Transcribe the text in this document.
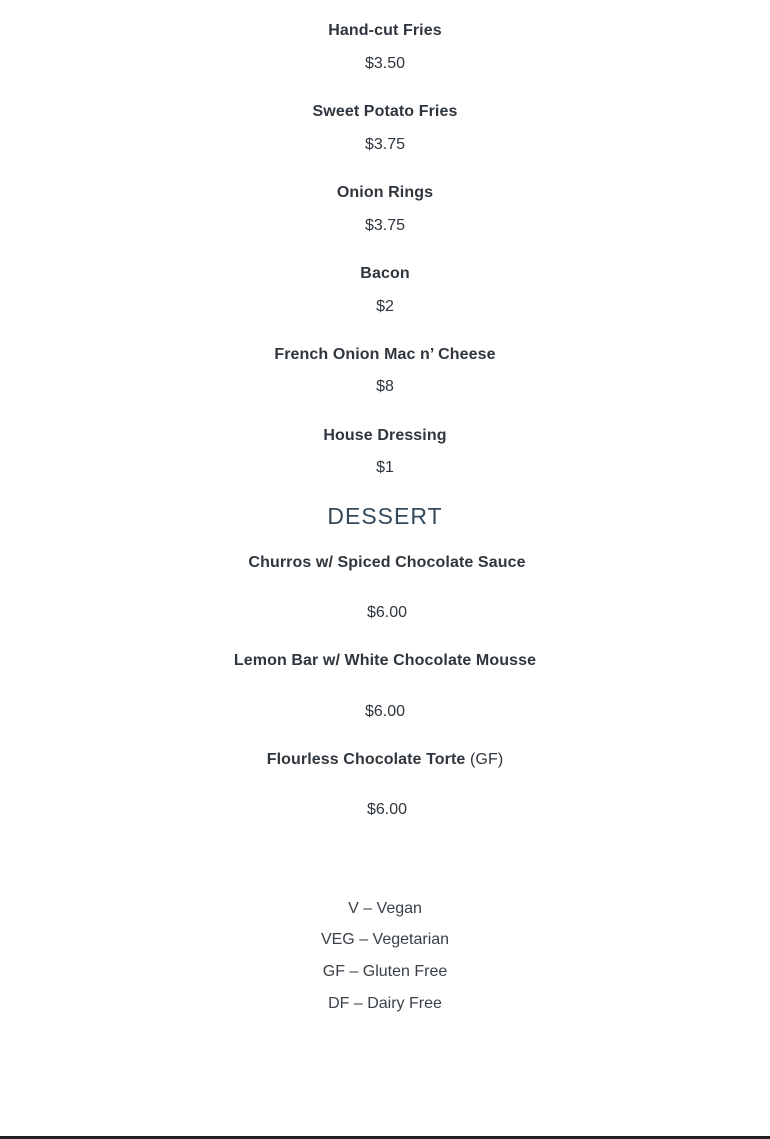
Hand-cut Fries
$3.50
Sweet Potato Fries
$3.75
Onion Rings
$3.75
Bacon
$2
French Onion Mac n’ Cheese
$8
House Dressing
$1
DESSERT
Churros w/ Spiced Chocolate Sauce
$6.00
Lemon Bar w/ White Chocolate Mousse
$6.00
Flourless Chocolate Torte (GF)
$6.00
V – Vegan
VEG – Vegetarian
GF – Gluten Free
DF – Dairy Free
